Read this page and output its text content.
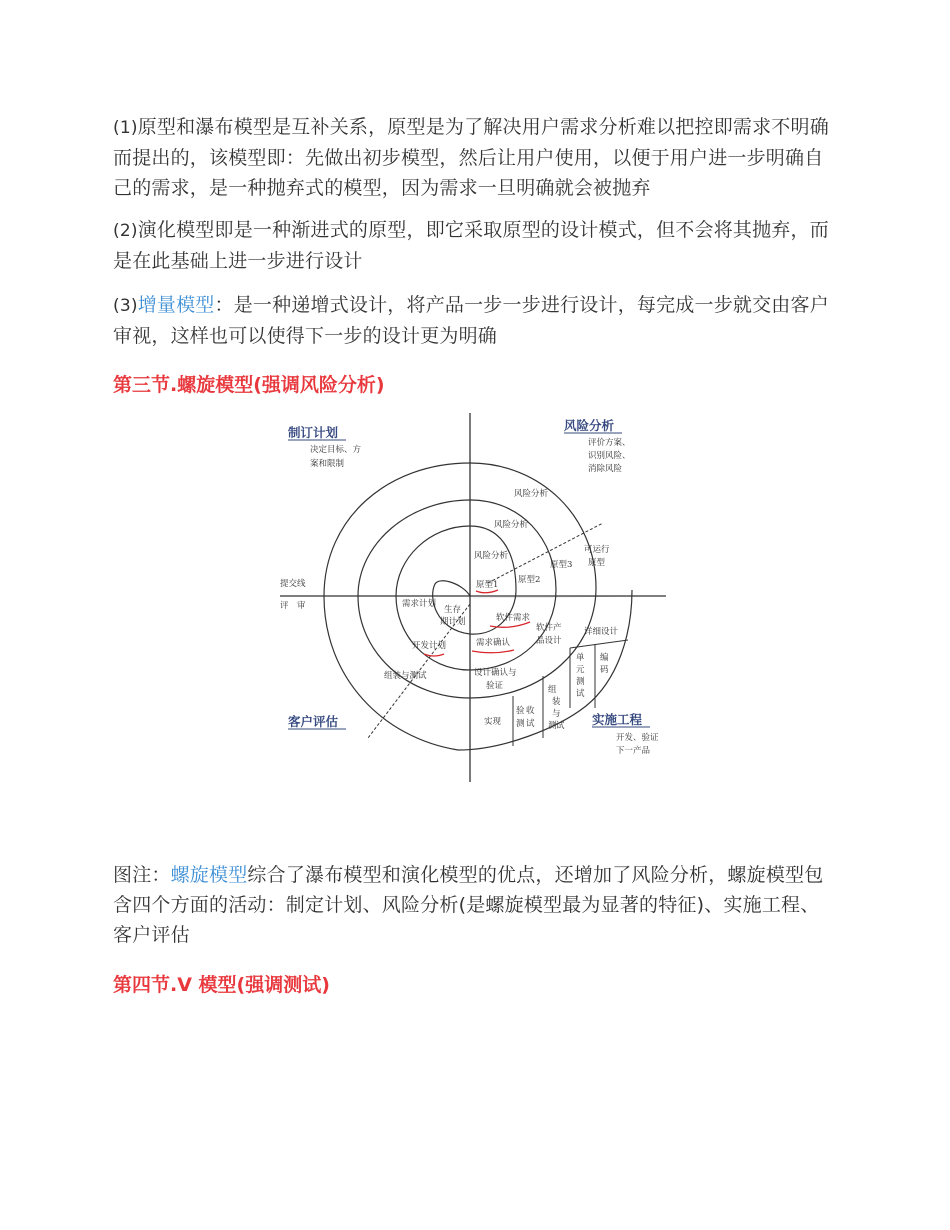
(1)原型和瀑布模型是互补关系，原型是为了解决用户需求分析难以把控即需求不明确而提出的，该模型即：先做出初步模型，然后让用户使用，以便于用户进一步明确自己的需求，是一种抛弃式的模型，因为需求一旦明确就会被抛弃

(2)演化模型即是一种渐进式的原型，即它采取原型的设计模式，但不会将其抛弃，而是在此基础上进一步进行设计

(3)增量模型：是一种递增式设计，将产品一步一步进行设计，每完成一步就交由客户审视，这样也可以使得下一步的设计更为明确

第三节.螺旋模型(强调风险分析)
制订计划
决定目标、方
案和限制
风险分析
评价方案、
识别风险、
消除风险
客户评估	实施工程
开发、验证
下一产品
风险分析
风险分析
风险分析
原型1 原型2
原型3
可运行
原型
提交线
评　审	需求计划
生存
期计划
开发计划
组装与测试
软件需求
软件产
品设计
需求确认
设计确认与
验证
详细设计
单
元
测
试
编
码
组
装
与
测 试
验 收
测 试
实现

图注：螺旋模型综合了瀑布模型和演化模型的优点，还增加了风险分析，螺旋模型包含四个方面的活动：制定计划、风险分析(是螺旋模型最为显著的特征)、实施工程、客户评估

第四节.V 模型(强调测试)
